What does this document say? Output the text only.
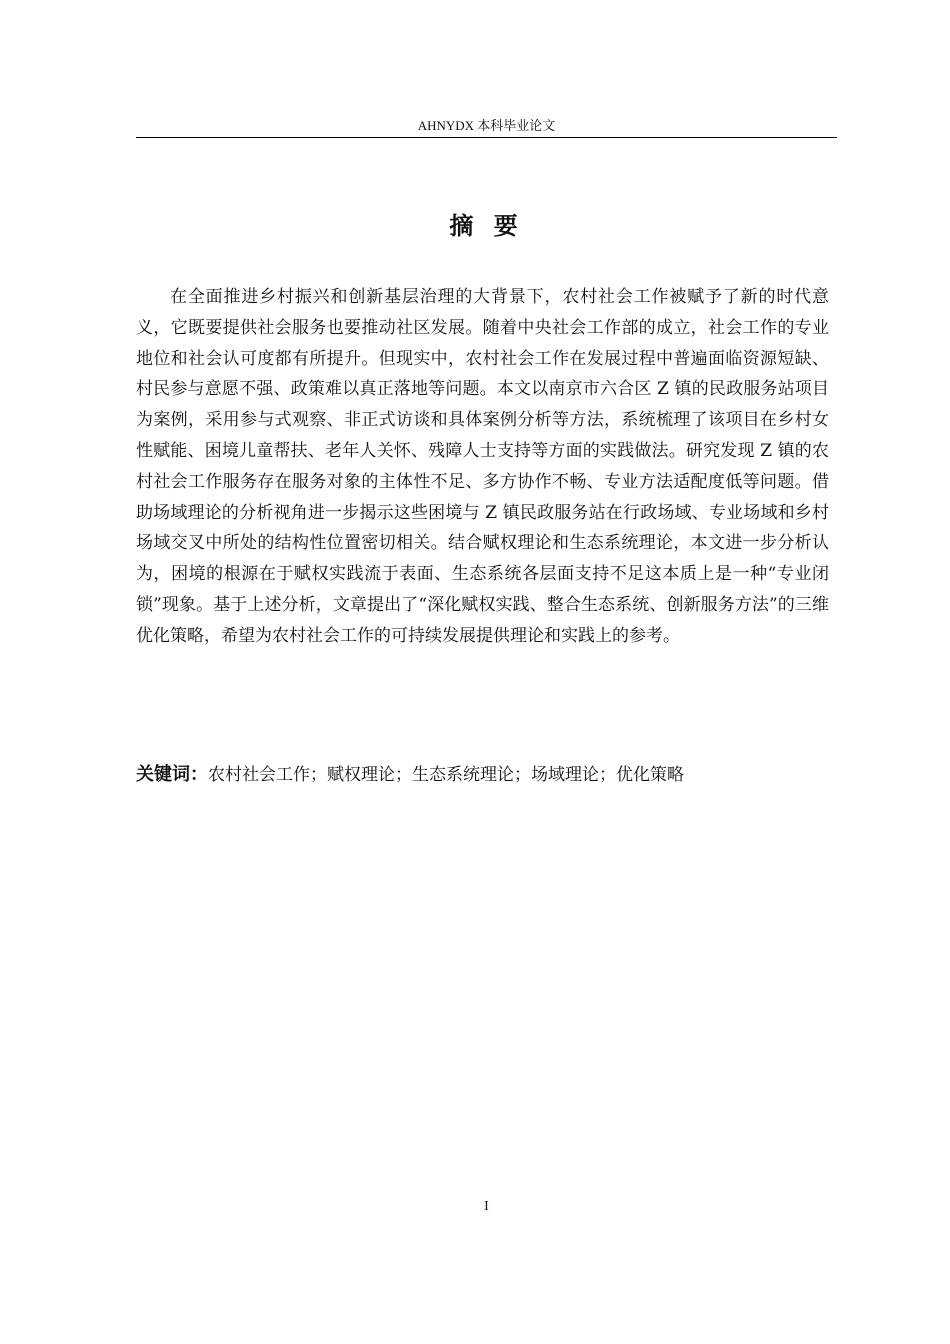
AHNYDX 本科毕业论文
摘 要

在全面推进乡村振兴和创新基层治理的大背景下，农村社会工作被赋予了新的时代意义，它既要提供社会服务也要推动社区发展。随着中央社会工作部的成立，社会工作的专业地位和社会认可度都有所提升。但现实中，农村社会工作在发展过程中普遍面临资源短缺、村民参与意愿不强、政策难以真正落地等问题。本文以南京市六合区 Z 镇的民政服务站项目为案例，采用参与式观察、非正式访谈和具体案例分析等方法，系统梳理了该项目在乡村女性赋能、困境儿童帮扶、老年人关怀、残障人士支持等方面的实践做法。研究发现 Z 镇的农村社会工作服务存在服务对象的主体性不足、多方协作不畅、专业方法适配度低等问题。借助场域理论的分析视角进一步揭示这些困境与 Z 镇民政服务站在行政场域、专业场域和乡村场域交叉中所处的结构性位置密切相关。结合赋权理论和生态系统理论，本文进一步分析认为，困境的根源在于赋权实践流于表面、生态系统各层面支持不足这本质上是一种“专业闭锁”现象。基于上述分析，文章提出了“深化赋权实践、整合生态系统、创新服务方法”的三维优化策略，希望为农村社会工作的可持续发展提供理论和实践上的参考。

关键词：农村社会工作；赋权理论；生态系统理论；场域理论；优化策略
I
